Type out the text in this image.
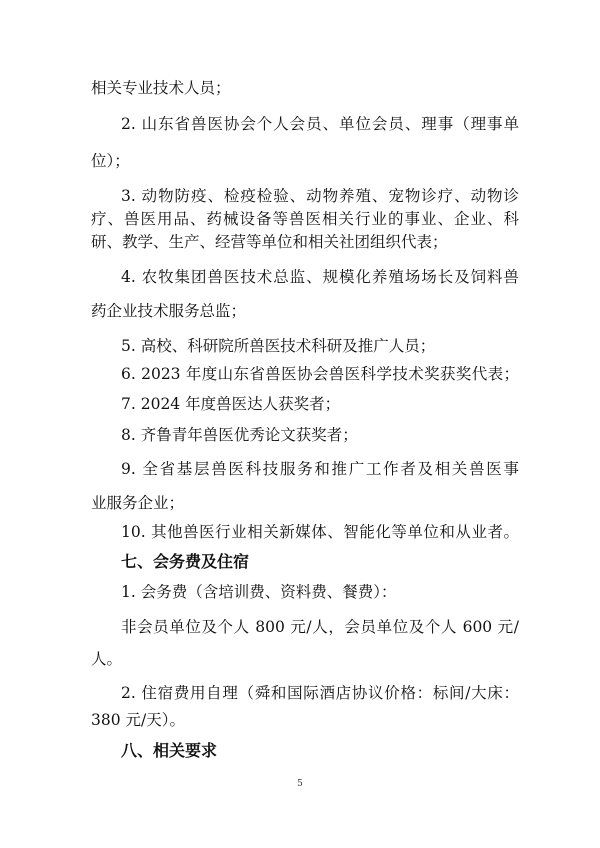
相关专业技术人员；
2. 山东省兽医协会个人会员、单位会员、理事（理事单
位）；
3. 动物防疫、检疫检验、动物养殖、宠物诊疗、动物诊
疗、兽医用品、药械设备等兽医相关行业的事业、企业、科
研、教学、生产、经营等单位和相关社团组织代表；
4. 农牧集团兽医技术总监、规模化养殖场场长及饲料兽
药企业技术服务总监；
5. 高校、科研院所兽医技术科研及推广人员；
6. 2023 年度山东省兽医协会兽医科学技术奖获奖代表；
7. 2024 年度兽医达人获奖者；
8. 齐鲁青年兽医优秀论文获奖者；
9. 全省基层兽医科技服务和推广工作者及相关兽医事
业服务企业；
10. 其他兽医行业相关新媒体、智能化等单位和从业者。
七、会务费及住宿
1. 会务费（含培训费、资料费、餐费）：
非会员单位及个人 800 元/人，会员单位及个人 600 元/
人。
2. 住宿费用自理（舜和国际酒店协议价格：标间/大床：
380 元/天）。
八、相关要求
5
